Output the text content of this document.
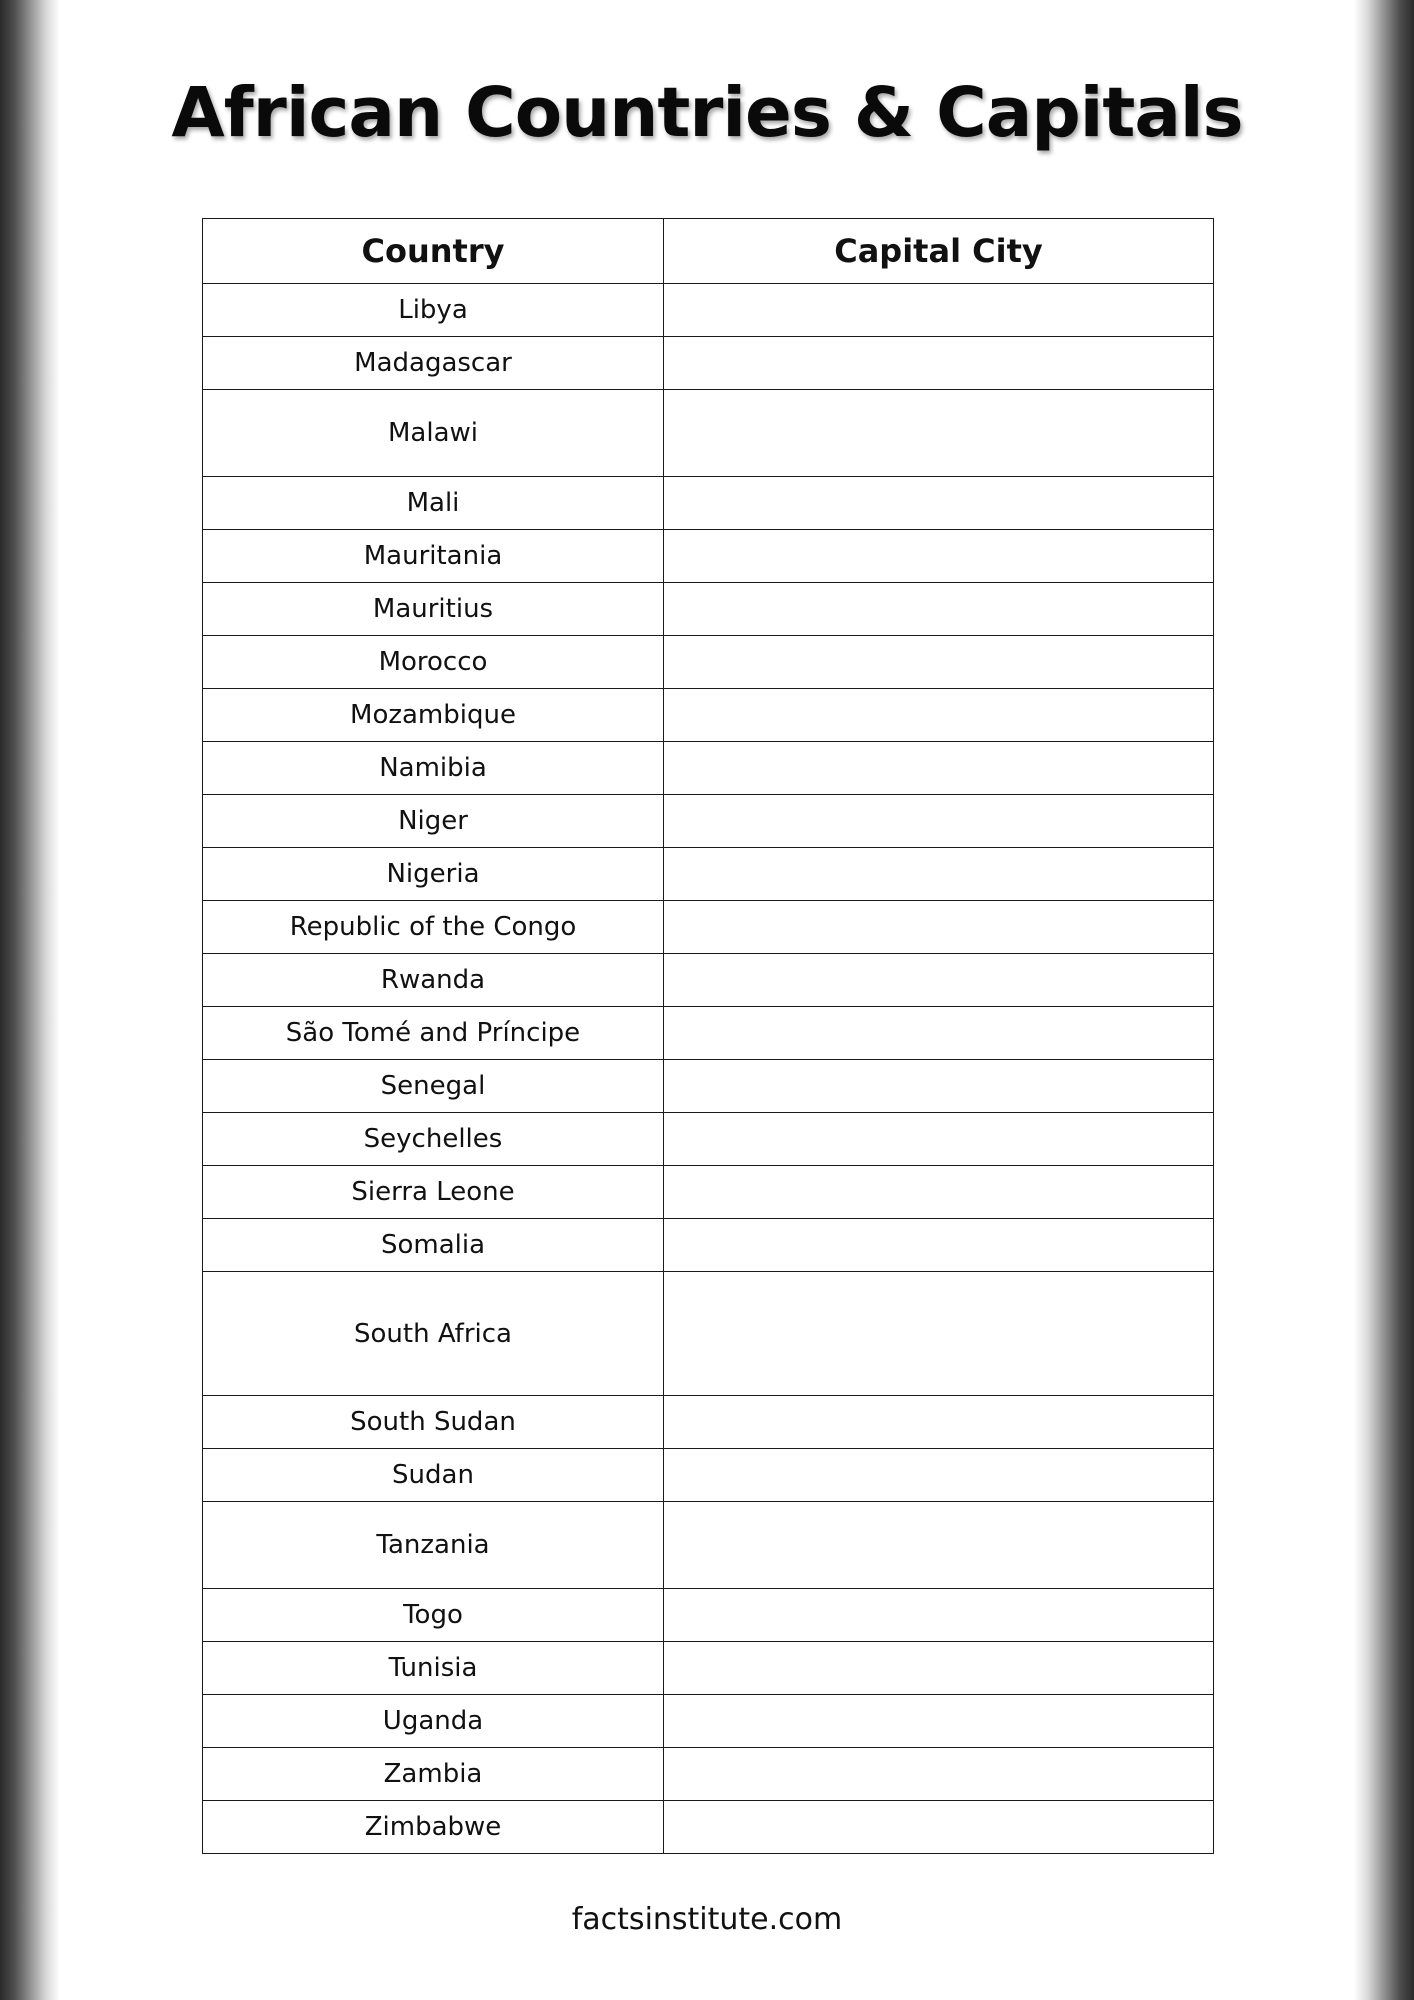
African Countries & Capitals
Country	Capital City
Libya	
Madagascar	
Malawi	
Mali	
Mauritania	
Mauritius	
Morocco	
Mozambique	
Namibia	
Niger	
Nigeria	
Republic of the Congo	
Rwanda	
São Tomé and Príncipe	
Senegal	
Seychelles	
Sierra Leone	
Somalia	
South Africa	
South Sudan	
Sudan	
Tanzania	
Togo	
Tunisia	
Uganda	
Zambia	
Zimbabwe	

factsinstitute.com
